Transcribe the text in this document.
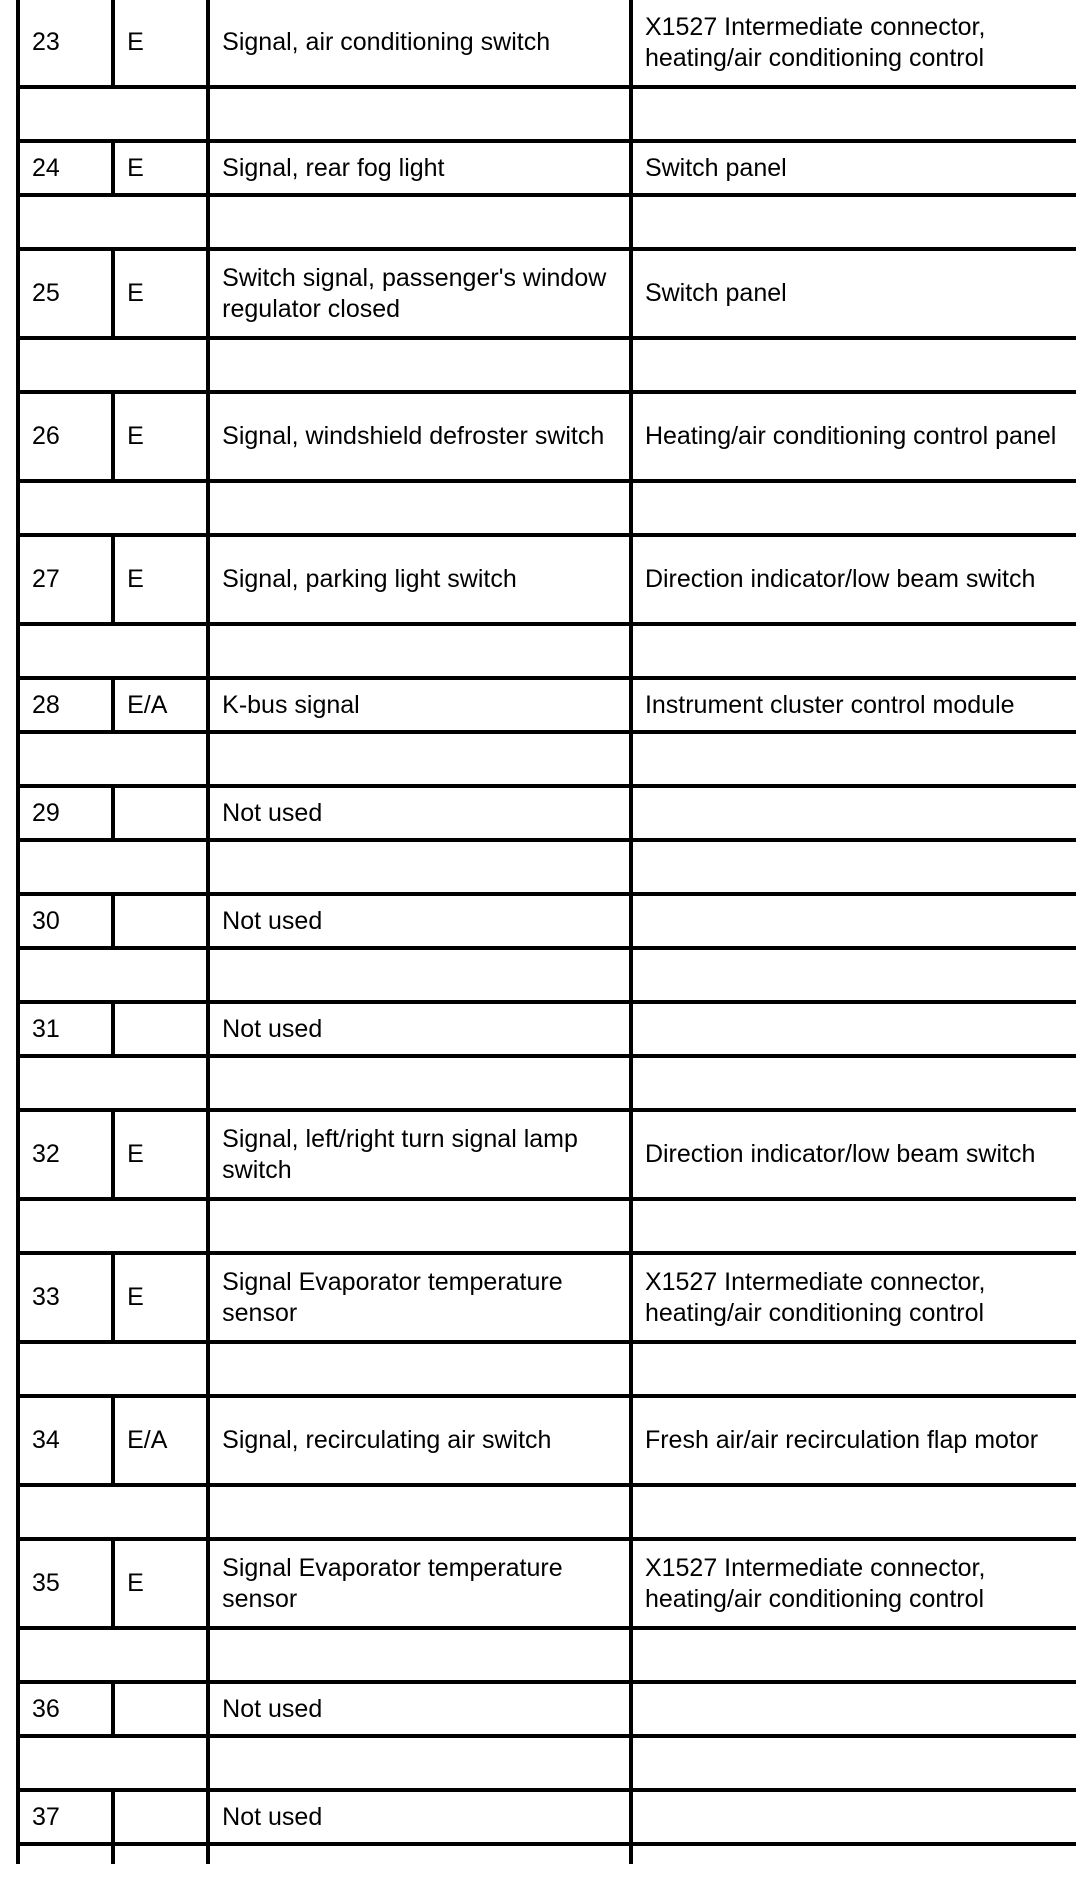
23	E	Signal, air conditioning switch	X1527 Intermediate connector, heating/air conditioning control

24	E	Signal, rear fog light	Switch panel

25	E	Switch signal, passenger's window regulator closed	Switch panel

26	E	Signal, windshield defroster switch	Heating/air conditioning control panel

27	E	Signal, parking light switch	Direction indicator/low beam switch

28	E/A	K-bus signal	Instrument cluster control module

29		Not used	

30		Not used	

31		Not used	

32	E	Signal, left/right turn signal lamp switch	Direction indicator/low beam switch

33	E	Signal Evaporator temperature sensor	X1527 Intermediate connector, heating/air conditioning control

34	E/A	Signal, recirculating air switch	Fresh air/air recirculation flap motor

35	E	Signal Evaporator temperature sensor	X1527 Intermediate connector, heating/air conditioning control

36		Not used	

37		Not used	
